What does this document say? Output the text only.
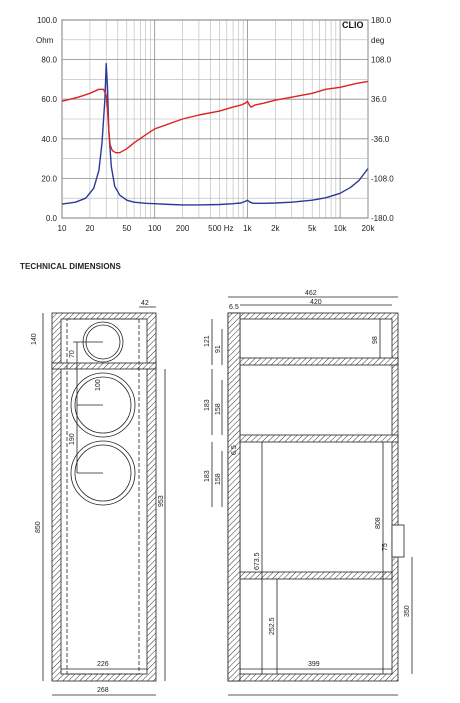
100.0
80.0
60.0
40.0
20.0
0.0
180.0
108.0
36.0
-36.0
-108.0
-180.0
10 20	50 100 200 500 Hz 1k 2k	5k 10k 20k
Ohm	deg
CLIO
TECHNICAL DIMENSIONS
42
140
70
100
190
953
850
226
268
462
6.5
420
121
91
98
183 158
183 158
6.5
673.5
808
75
252.5
350
399
